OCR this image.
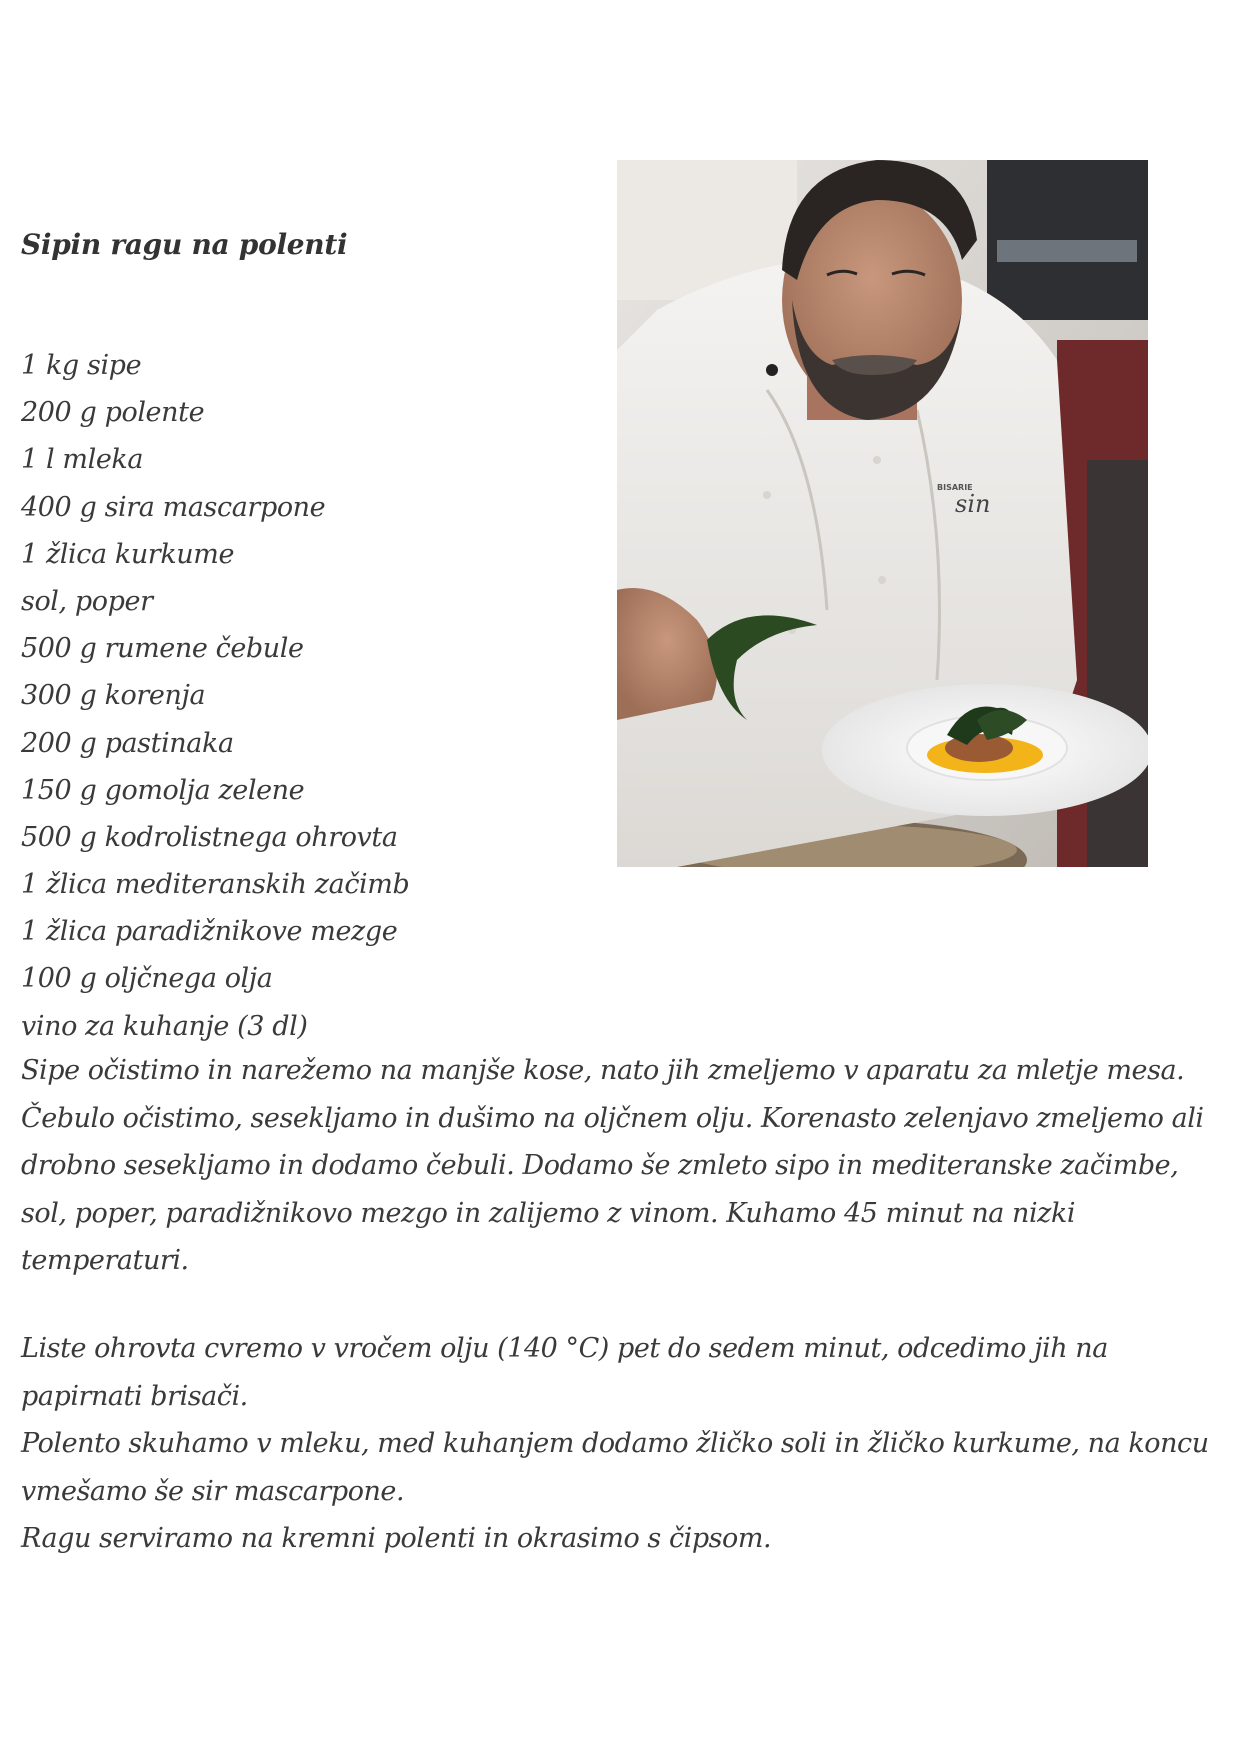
Sipin ragu na polenti
1 kg sipe
200 g polente
1 l mleka
400 g sira mascarpone
1 žlica kurkume
sol, poper
500 g rumene čebule
300 g korenja
200 g pastinaka
150 g gomolja zelene
500 g kodrolistnega ohrovta
1 žlica mediteranskih začimb
1 žlica paradižnikove mezge
100 g oljčnega olja
vino za kuhanje (3 dl)

Sipe očistimo in narežemo na manjše kose, nato jih zmeljemo v aparatu za mletje mesa. Čebulo očistimo, sesekljamo in dušimo na oljčnem olju. Korenasto zelenjavo zmeljemo ali drobno sesekljamo in dodamo čebuli. Dodamo še zmleto sipo in mediteranske začimbe, sol, poper, paradižnikovo mezgo in zalijemo z vinom. Kuhamo 45 minut na nizki temperaturi.

Liste ohrovta cvremo v vročem olju (140 °C) pet do sedem minut, odcedimo jih na papirnati brisači.

Polento skuhamo v mleku, med kuhanjem dodamo žličko soli in žličko kurkume, na koncu vmešamo še sir mascarpone.

Ragu serviramo na kremni polenti in okrasimo s čipsom.

BISARIE
sin
